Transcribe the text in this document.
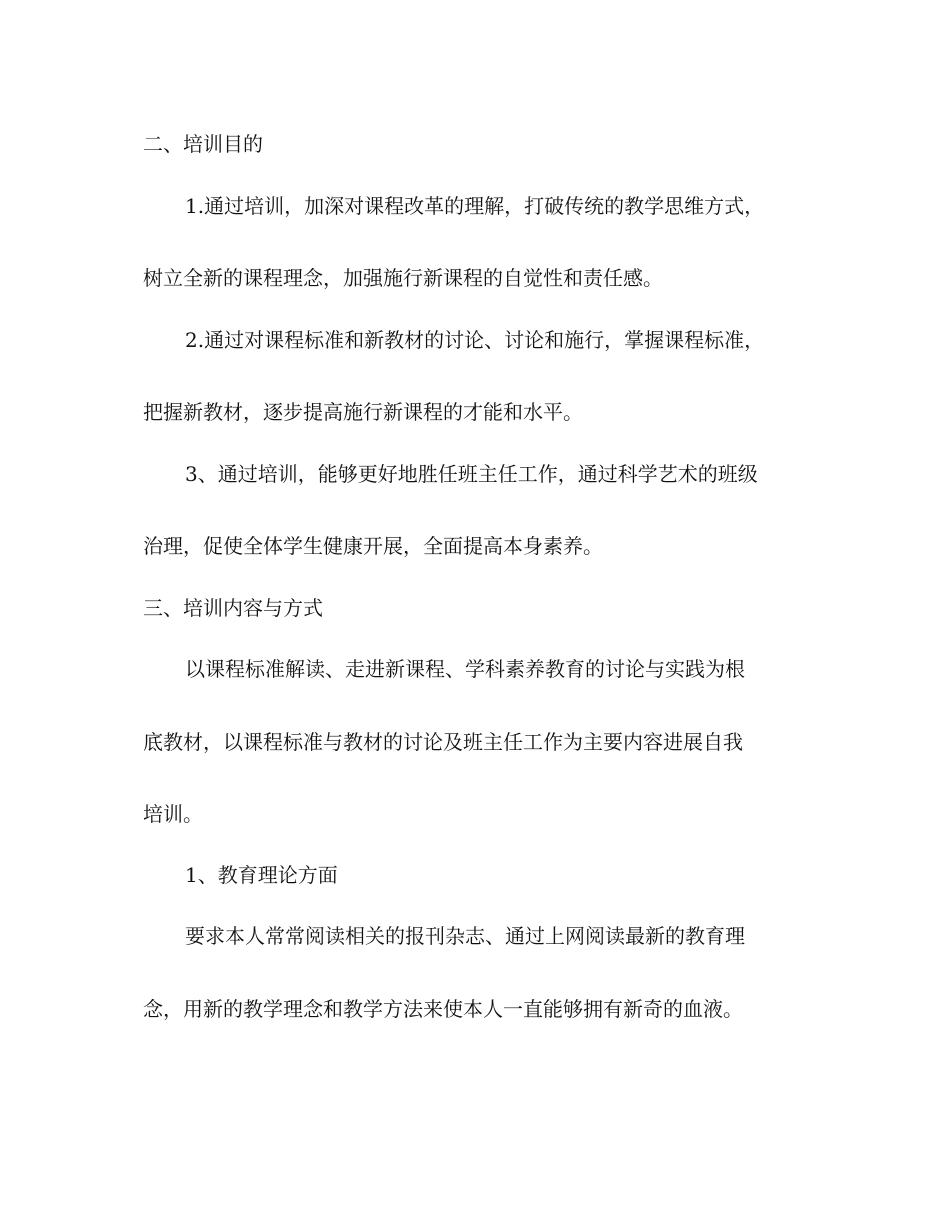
二、培训目的

1.通过培训，加深对课程改革的理解，打破传统的教学思维方式，

树立全新的课程理念，加强施行新课程的自觉性和责任感。

2.通过对课程标准和新教材的讨论、讨论和施行，掌握课程标准，

把握新教材，逐步提高施行新课程的才能和水平。

3、通过培训，能够更好地胜任班主任工作，通过科学艺术的班级

治理，促使全体学生健康开展，全面提高本身素养。

三、培训内容与方式

以课程标准解读、走进新课程、学科素养教育的讨论与实践为根

底教材，以课程标准与教材的讨论及班主任工作为主要内容进展自我

培训。

1、教育理论方面

要求本人常常阅读相关的报刊杂志、通过上网阅读最新的教育理

念，用新的教学理念和教学方法来使本人一直能够拥有新奇的血液。
